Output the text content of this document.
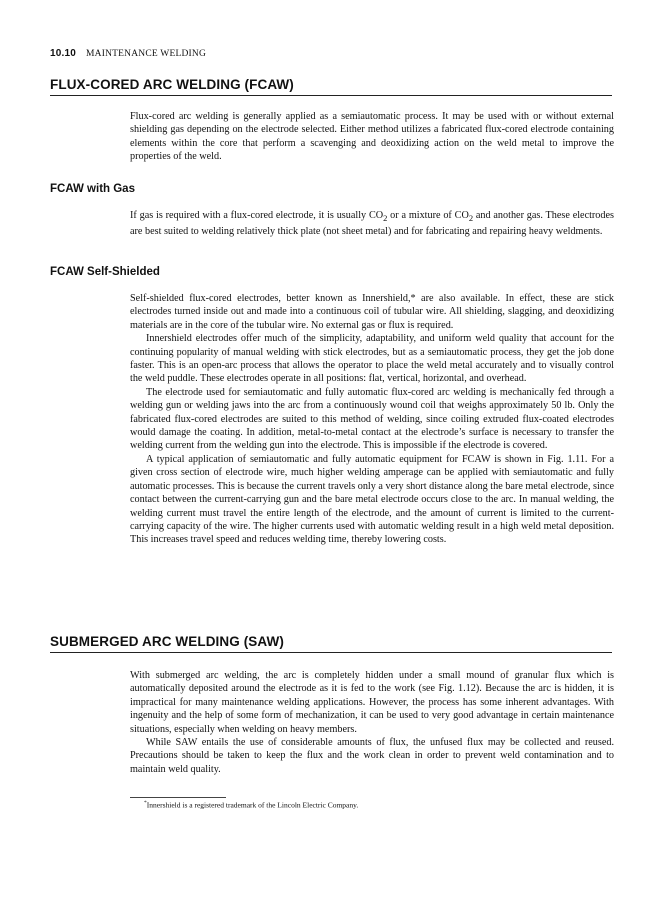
10.10 MAINTENANCE WELDING
FLUX-CORED ARC WELDING (FCAW)

Flux-cored arc welding is generally applied as a semiautomatic process. It may be used with or without external shielding gas depending on the electrode selected. Either method utilizes a fabricated flux-cored electrode containing elements within the core that perform a scavenging and deoxidizing action on the weld metal to improve the properties of the weld.

FCAW with Gas

If gas is required with a flux-cored electrode, it is usually $CO_2$ or a mixture of $CO_2$ and another gas. These electrodes are best suited to welding relatively thick plate (not sheet metal) and for fabricating and repairing heavy weldments.

FCAW Self-Shielded

Self-shielded flux-cored electrodes, better known as Innershield,* are also available. In effect, these are stick electrodes turned inside out and made into a continuous coil of tubular wire. All shielding, slagging, and deoxidizing materials are in the core of the tubular wire. No external gas or flux is required.

Innershield electrodes offer much of the simplicity, adaptability, and uniform weld quality that account for the continuing popularity of manual welding with stick electrodes, but as a semiautomatic process, they get the job done faster. This is an open-arc process that allows the operator to place the weld metal accurately and to visually control the weld puddle. These electrodes operate in all positions: flat, vertical, horizontal, and overhead.

The electrode used for semiautomatic and fully automatic flux-cored arc welding is mechanically fed through a welding gun or welding jaws into the arc from a continuously wound coil that weighs approximately 50 lb. Only the fabricated flux-cored electrodes are suited to this method of welding, since coiling extruded flux-coated electrodes would damage the coating. In addition, metal-to-metal contact at the electrode’s surface is necessary to transfer the welding current from the welding gun into the electrode. This is impossible if the electrode is covered.

A typical application of semiautomatic and fully automatic equipment for FCAW is shown in Fig. 1.11. For a given cross section of electrode wire, much higher welding amperage can be applied with semiautomatic and fully automatic processes. This is because the current travels only a very short distance along the bare metal electrode, since contact between the current-carrying gun and the bare metal electrode occurs close to the arc. In manual welding, the welding current must travel the entire length of the electrode, and the amount of current is limited to the current-carrying capacity of the wire. The higher currents used with automatic welding result in a high weld metal deposition. This increases travel speed and reduces welding time, thereby lowering costs.

SUBMERGED ARC WELDING (SAW)

With submerged arc welding, the arc is completely hidden under a small mound of granular flux which is automatically deposited around the electrode as it is fed to the work (see Fig. 1.12). Because the arc is hidden, it is impractical for many maintenance welding applications. However, the process has some inherent advantages. With ingenuity and the help of some form of mechanization, it can be used to very good advantage in certain maintenance situations, especially when welding on heavy members.

While SAW entails the use of considerable amounts of flux, the unfused flux may be collected and reused. Precautions should be taken to keep the flux and the work clean in order to prevent weld contamination and to maintain weld quality.

*Innershield is a registered trademark of the Lincoln Electric Company.
